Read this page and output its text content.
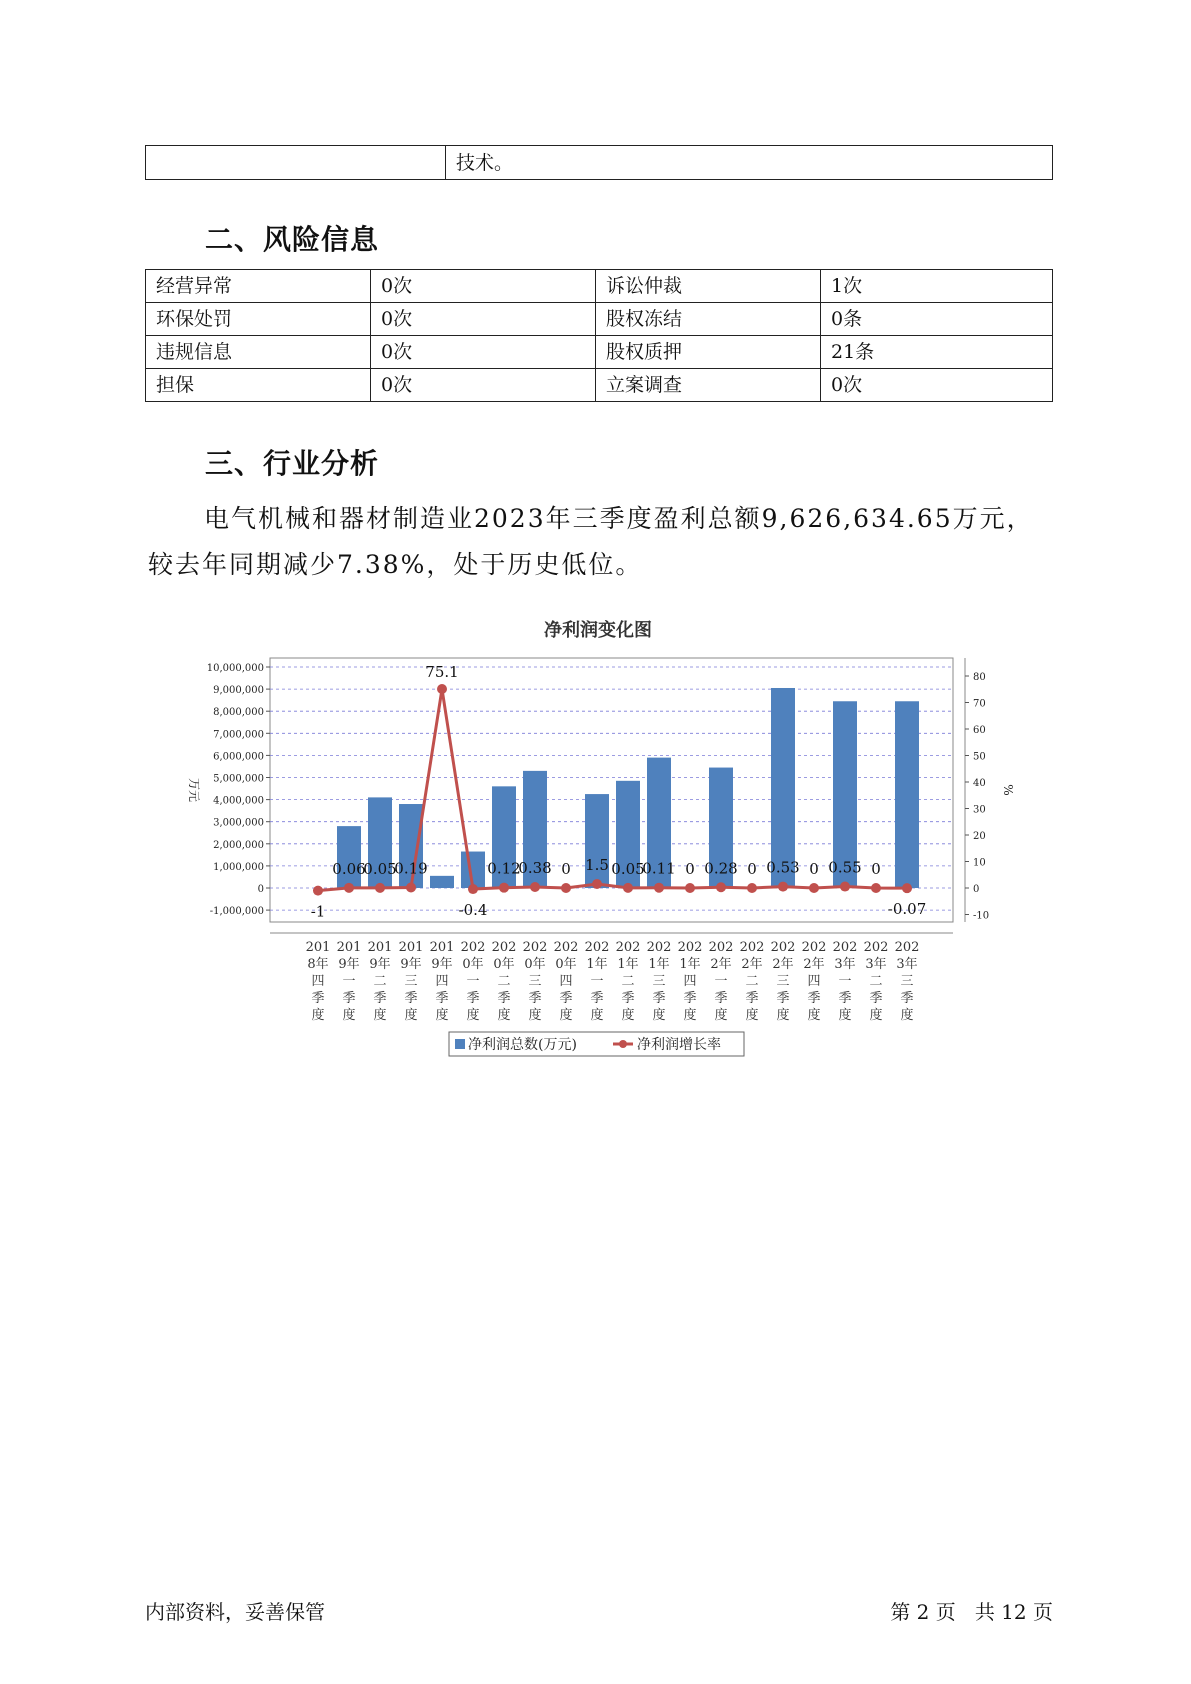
	技术。
二、风险信息
经营异常	0次	诉讼仲裁	1次
环保处罚	0次	股权冻结	0条
违规信息	0次	股权质押	21条
担保	0次	立案调查	0次
三、行业分析
电气机械和器材制造业2023年三季度盈利总额9,626,634.65万元，较去年同期减少7.38%，处于历史低位。
净利润变化图
-1,000,000
0
1,000,000
2,000,000
3,000,000
4,000,000
5,000,000
6,000,000
7,000,000
8,000,000
9,000,000
10,000,000
-10
0
10
20
30
40
50
60
70
80
万元	%
-1
0.06
0.05
0.19
75.1
-0.4
0.12
0.38 0 1.5 0.05
0.11 0 0.28 0 0.53 0 0.55 0
-0.07
201
8年
四
季
度
201
9年
一
季
度
201
9年
二
季
度
201
9年
三
季
度
201
9年
四
季
度
202
0年
一
季
度
202
0年
二
季
度
202
0年
三
季
度
202
0年
四
季
度
202
1年
一
季
度
202
1年
二
季
度
202
1年
三
季
度
202
1年
四
季
度
202
2年
一
季
度
202
2年
二
季
度
202
2年
三
季
度
202
2年
四
季
度
202
3年
一
季
度
202
3年
二
季
度
202
3年
三
季
度
净利润总数(万元)	净利润增长率
内部资料，妥善保管	第 2 页   共 12 页
